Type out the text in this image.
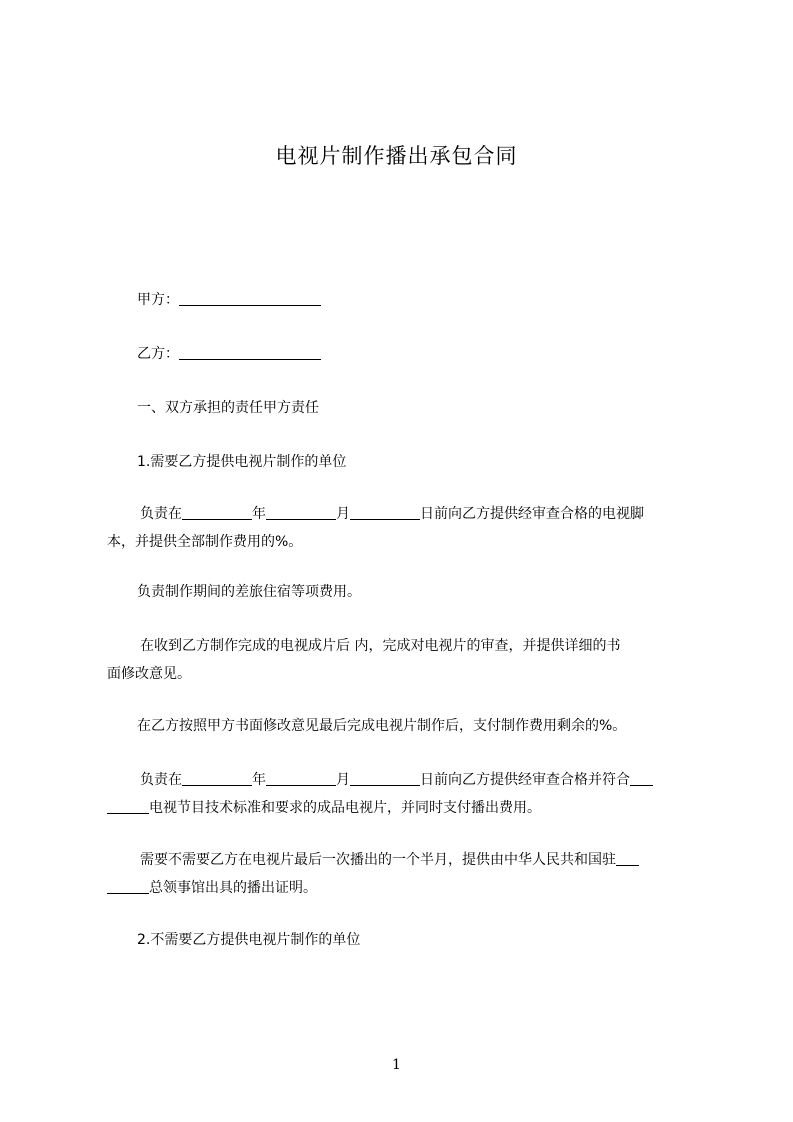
电视片制作播出承包合同

甲方：

乙方：

一、双方承担的责任甲方责任

1.需要乙方提供电视片制作的单位

负责在	年	月	日前向乙方提供经审查合格的电视脚
本，并提供全部制作费用的%。

负责制作期间的差旅住宿等项费用。

在收到乙方制作完成的电视成片后 内，完成对电视片的审查，并提供详细的书
面修改意见。

在乙方按照甲方书面修改意见最后完成电视片制作后，支付制作费用剩余的%。

负责在	年	月	日前向乙方提供经审查合格并符合
电视节目技术标准和要求的成品电视片，并同时支付播出费用。

需要不需要乙方在电视片最后一次播出的一个半月，提供由中华人民共和国驻
总领事馆出具的播出证明。

2.不需要乙方提供电视片制作的单位

1
